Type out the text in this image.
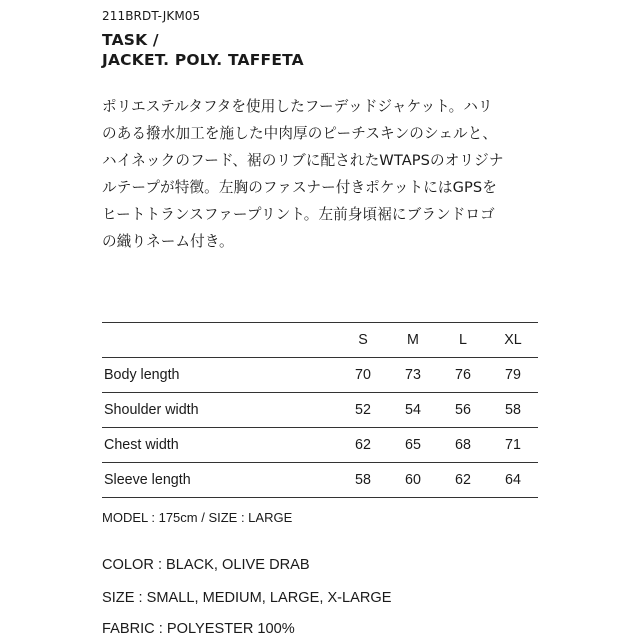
211BRDT-JKM05
TASK /
JACKET. POLY. TAFFETA
ポリエステルタフタを使用したフーデッドジャケット。ハリ
のある撥水加工を施した中肉厚のピーチスキンのシェルと、
ハイネックのフード、裾のリブに配されたWTAPSのオリジナ
ルテープが特徴。左胸のファスナー付きポケットにはGPSを
ヒートトランスファープリント。左前身頃裾にブランドロゴ
の織りネーム付き。
	S	M	L	XL
Body length	70	73	76	79
Shoulder width	52	54	56	58
Chest width	62	65	68	71
Sleeve length	58	60	62	64
MODEL : 175cm / SIZE : LARGE
COLOR : BLACK, OLIVE DRAB
SIZE : SMALL, MEDIUM, LARGE, X-LARGE
FABRIC : POLYESTER 100%
